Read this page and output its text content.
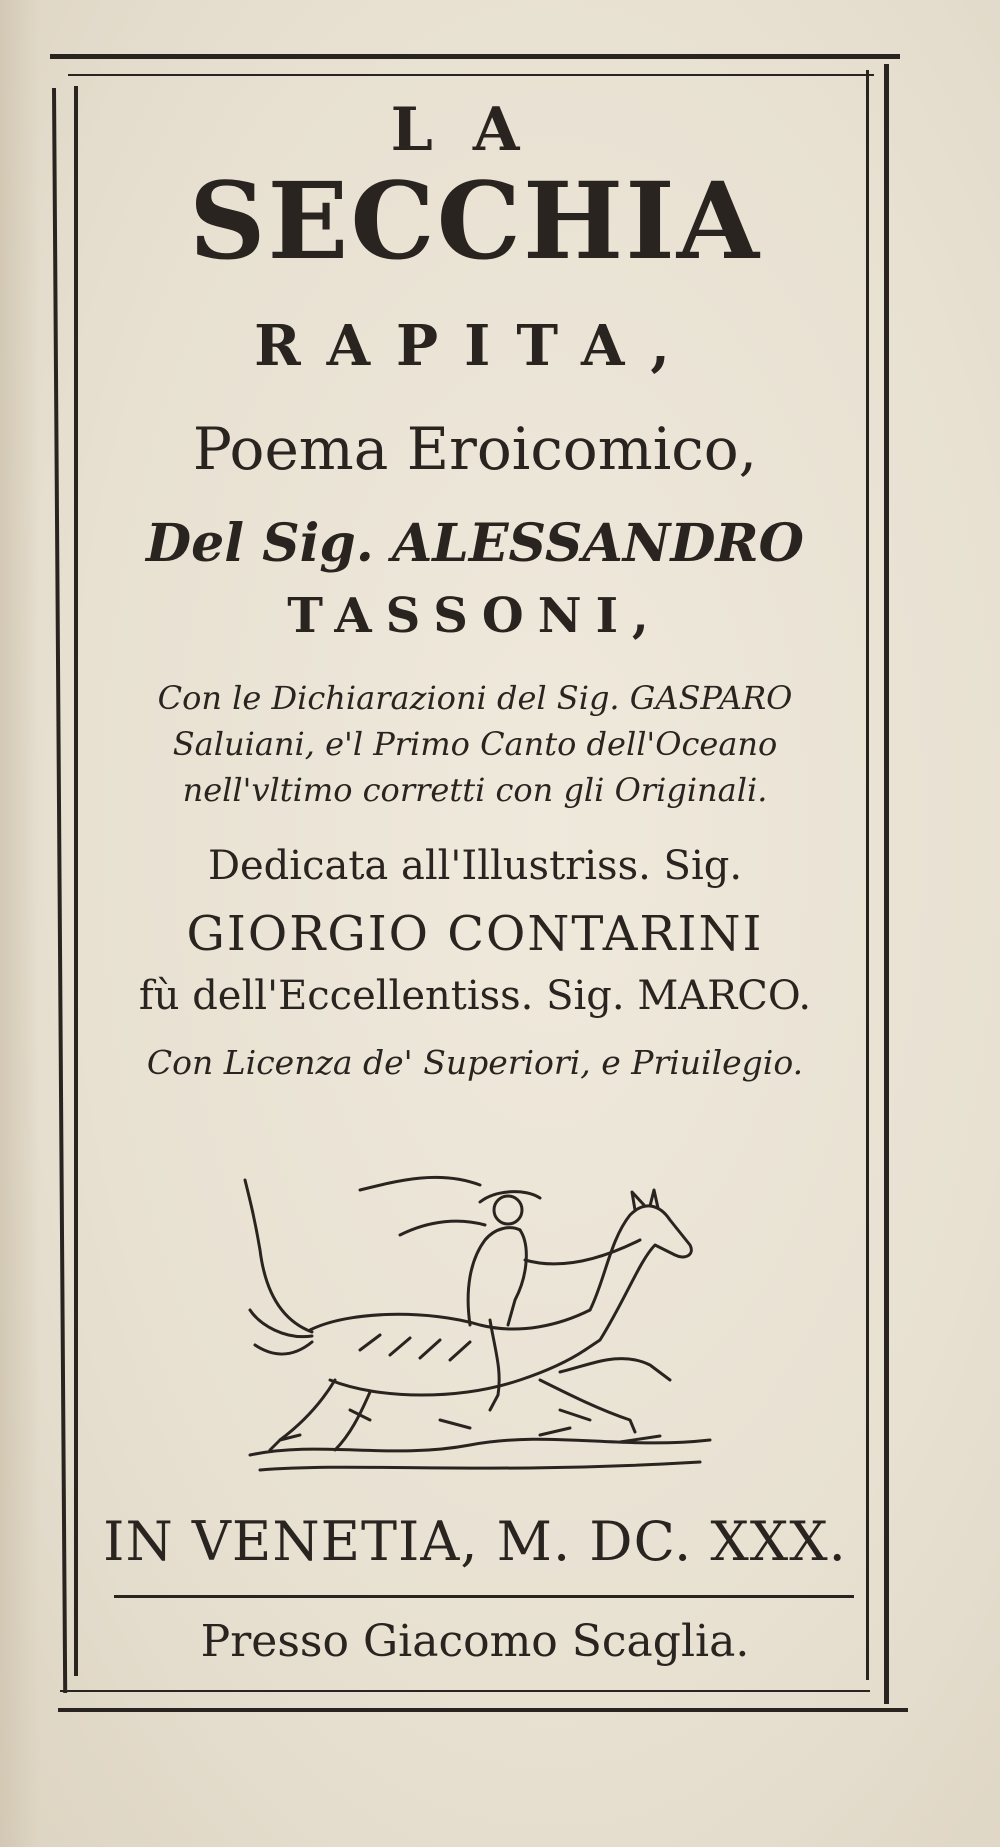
LA
SECCHIA
RAPITA,
Poema Eroicomico,
Del Sig. ALESSANDRO
TASSONI,
Con le Dichiarazioni del Sig. GASPARO
Saluiani, e'l Primo Canto dell'Oceano
nell'vltimo corretti con gli Originali.
Dedicata all'Illustriss. Sig.
GIORGIO CONTARINI
fù dell'Eccellentiss. Sig. MARCO.
Con Licenza de' Superiori, e Priuilegio.
IN VENETIA, M. DC. XXX.
Presso Giacomo Scaglia.
